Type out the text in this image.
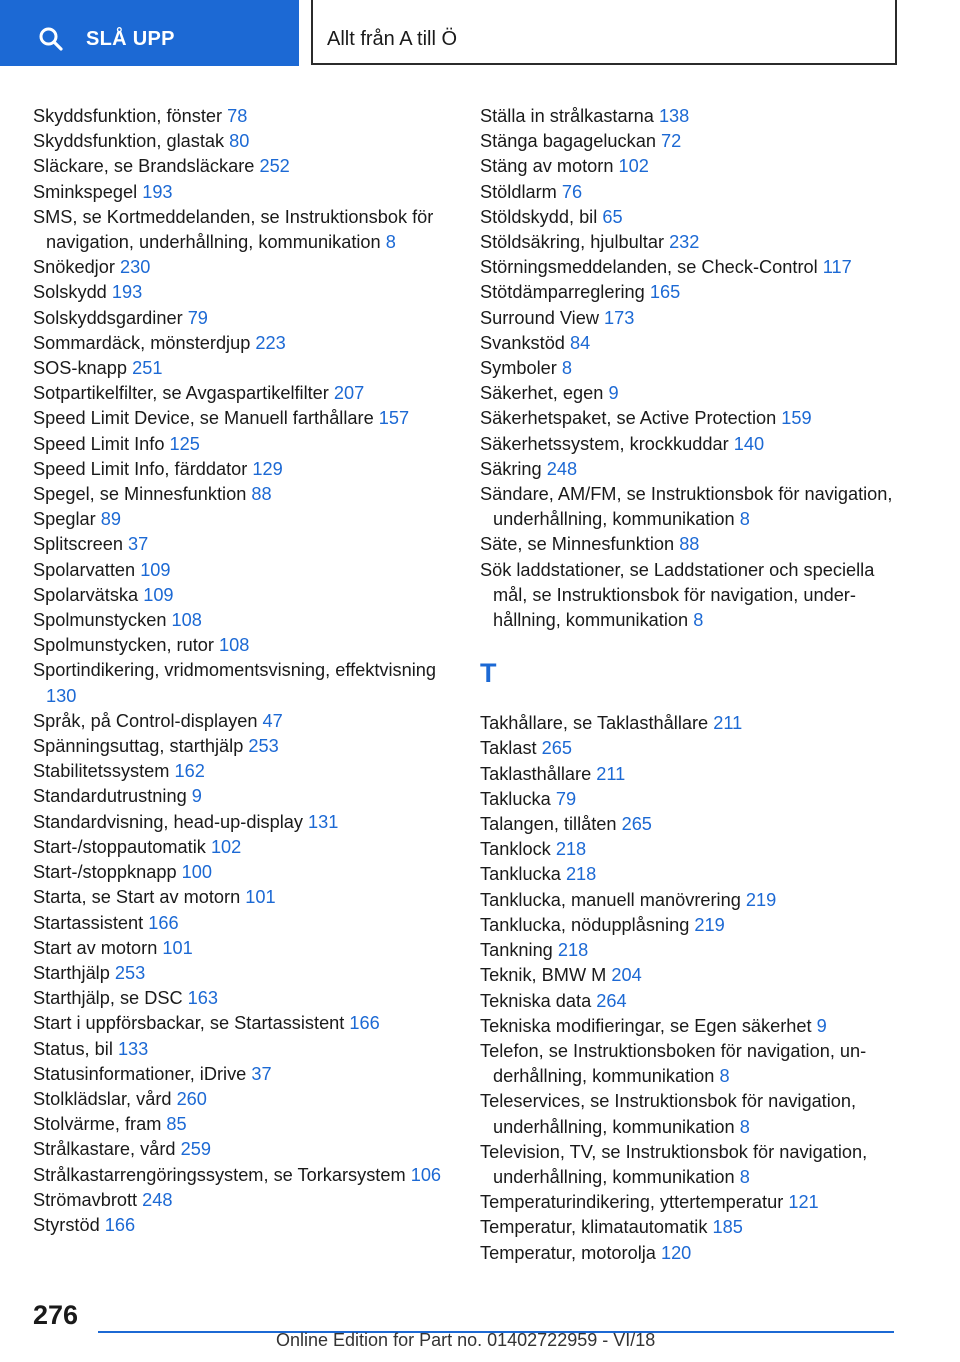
SLÅ UPP	Allt från A till Ö
Skyddsfunktion, fönster 78
Skyddsfunktion, glastak 80
Släckare, se Brandsläckare 252
Sminkspegel 193
SMS, se Kortmeddelanden, se Instruktionsbok för navigation, underhållning, kommunikation 8
Snökedjor 230
Solskydd 193
Solskyddsgardiner 79
Sommardäck, mönsterdjup 223
SOS-knapp 251
Sotpartikelfilter, se Avgaspartikelfilter 207
Speed Limit Device, se Manuell farthållare 157
Speed Limit Info 125
Speed Limit Info, färddator 129
Spegel, se Minnesfunktion 88
Speglar 89
Splitscreen 37
Spolarvatten 109
Spolarvätska 109
Spolmunstycken 108
Spolmunstycken, rutor 108
Sportindikering, vridmomentsvisning, effektvisning 130
Språk, på Control-displayen 47
Spänningsuttag, starthjälp 253
Stabilitetssystem 162
Standardutrustning 9
Standardvisning, head-up-display 131
Start-/stoppautomatik 102
Start-/stoppknapp 100
Starta, se Start av motorn 101
Startassistent 166
Start av motorn 101
Starthjälp 253
Starthjälp, se DSC 163
Start i uppförsbackar, se Startassistent 166
Status, bil 133
Statusinformationer, iDrive 37
Stolklädslar, vård 260
Stolvärme, fram 85
Strålkastare, vård 259
Strålkastarrengöringssystem, se Torkarsystem 106
Strömavbrott 248
Styrstöd 166
Ställa in strålkastarna 138
Stänga bagageluckan 72
Stäng av motorn 102
Stöldlarm 76
Stöldskydd, bil 65
Stöldsäkring, hjulbultar 232
Störningsmeddelanden, se Check-Control 117
Stötdämparreglering 165
Surround View 173
Svankstöd 84
Symboler 8
Säkerhet, egen 9
Säkerhetspaket, se Active Protection 159
Säkerhetssystem, krockkuddar 140
Säkring 248
Sändare, AM/FM, se Instruktionsbok för navigation, underhållning, kommunikation 8
Säte, se Minnesfunktion 88
Sök laddstationer, se Laddstationer och speciella mål, se Instruktionsbok för navigation, underhållning, kommunikation 8
T
Takhållare, se Taklasthållare 211
Taklast 265
Taklasthållare 211
Taklucka 79
Talangen, tillåten 265
Tanklock 218
Tanklucka 218
Tanklucka, manuell manövrering 219
Tanklucka, nödupplåsning 219
Tankning 218
Teknik, BMW M 204
Tekniska data 264
Tekniska modifieringar, se Egen säkerhet 9
Telefon, se Instruktionsboken för navigation, underhållning, kommunikation 8
Teleservices, se Instruktionsbok för navigation, underhållning, kommunikation 8
Television, TV, se Instruktionsbok för navigation, underhållning, kommunikation 8
Temperaturindikering, yttertemperatur 121
Temperatur, klimatautomatik 185
Temperatur, motorolja 120
276
Online Edition for Part no. 01402722959 - VI/18
